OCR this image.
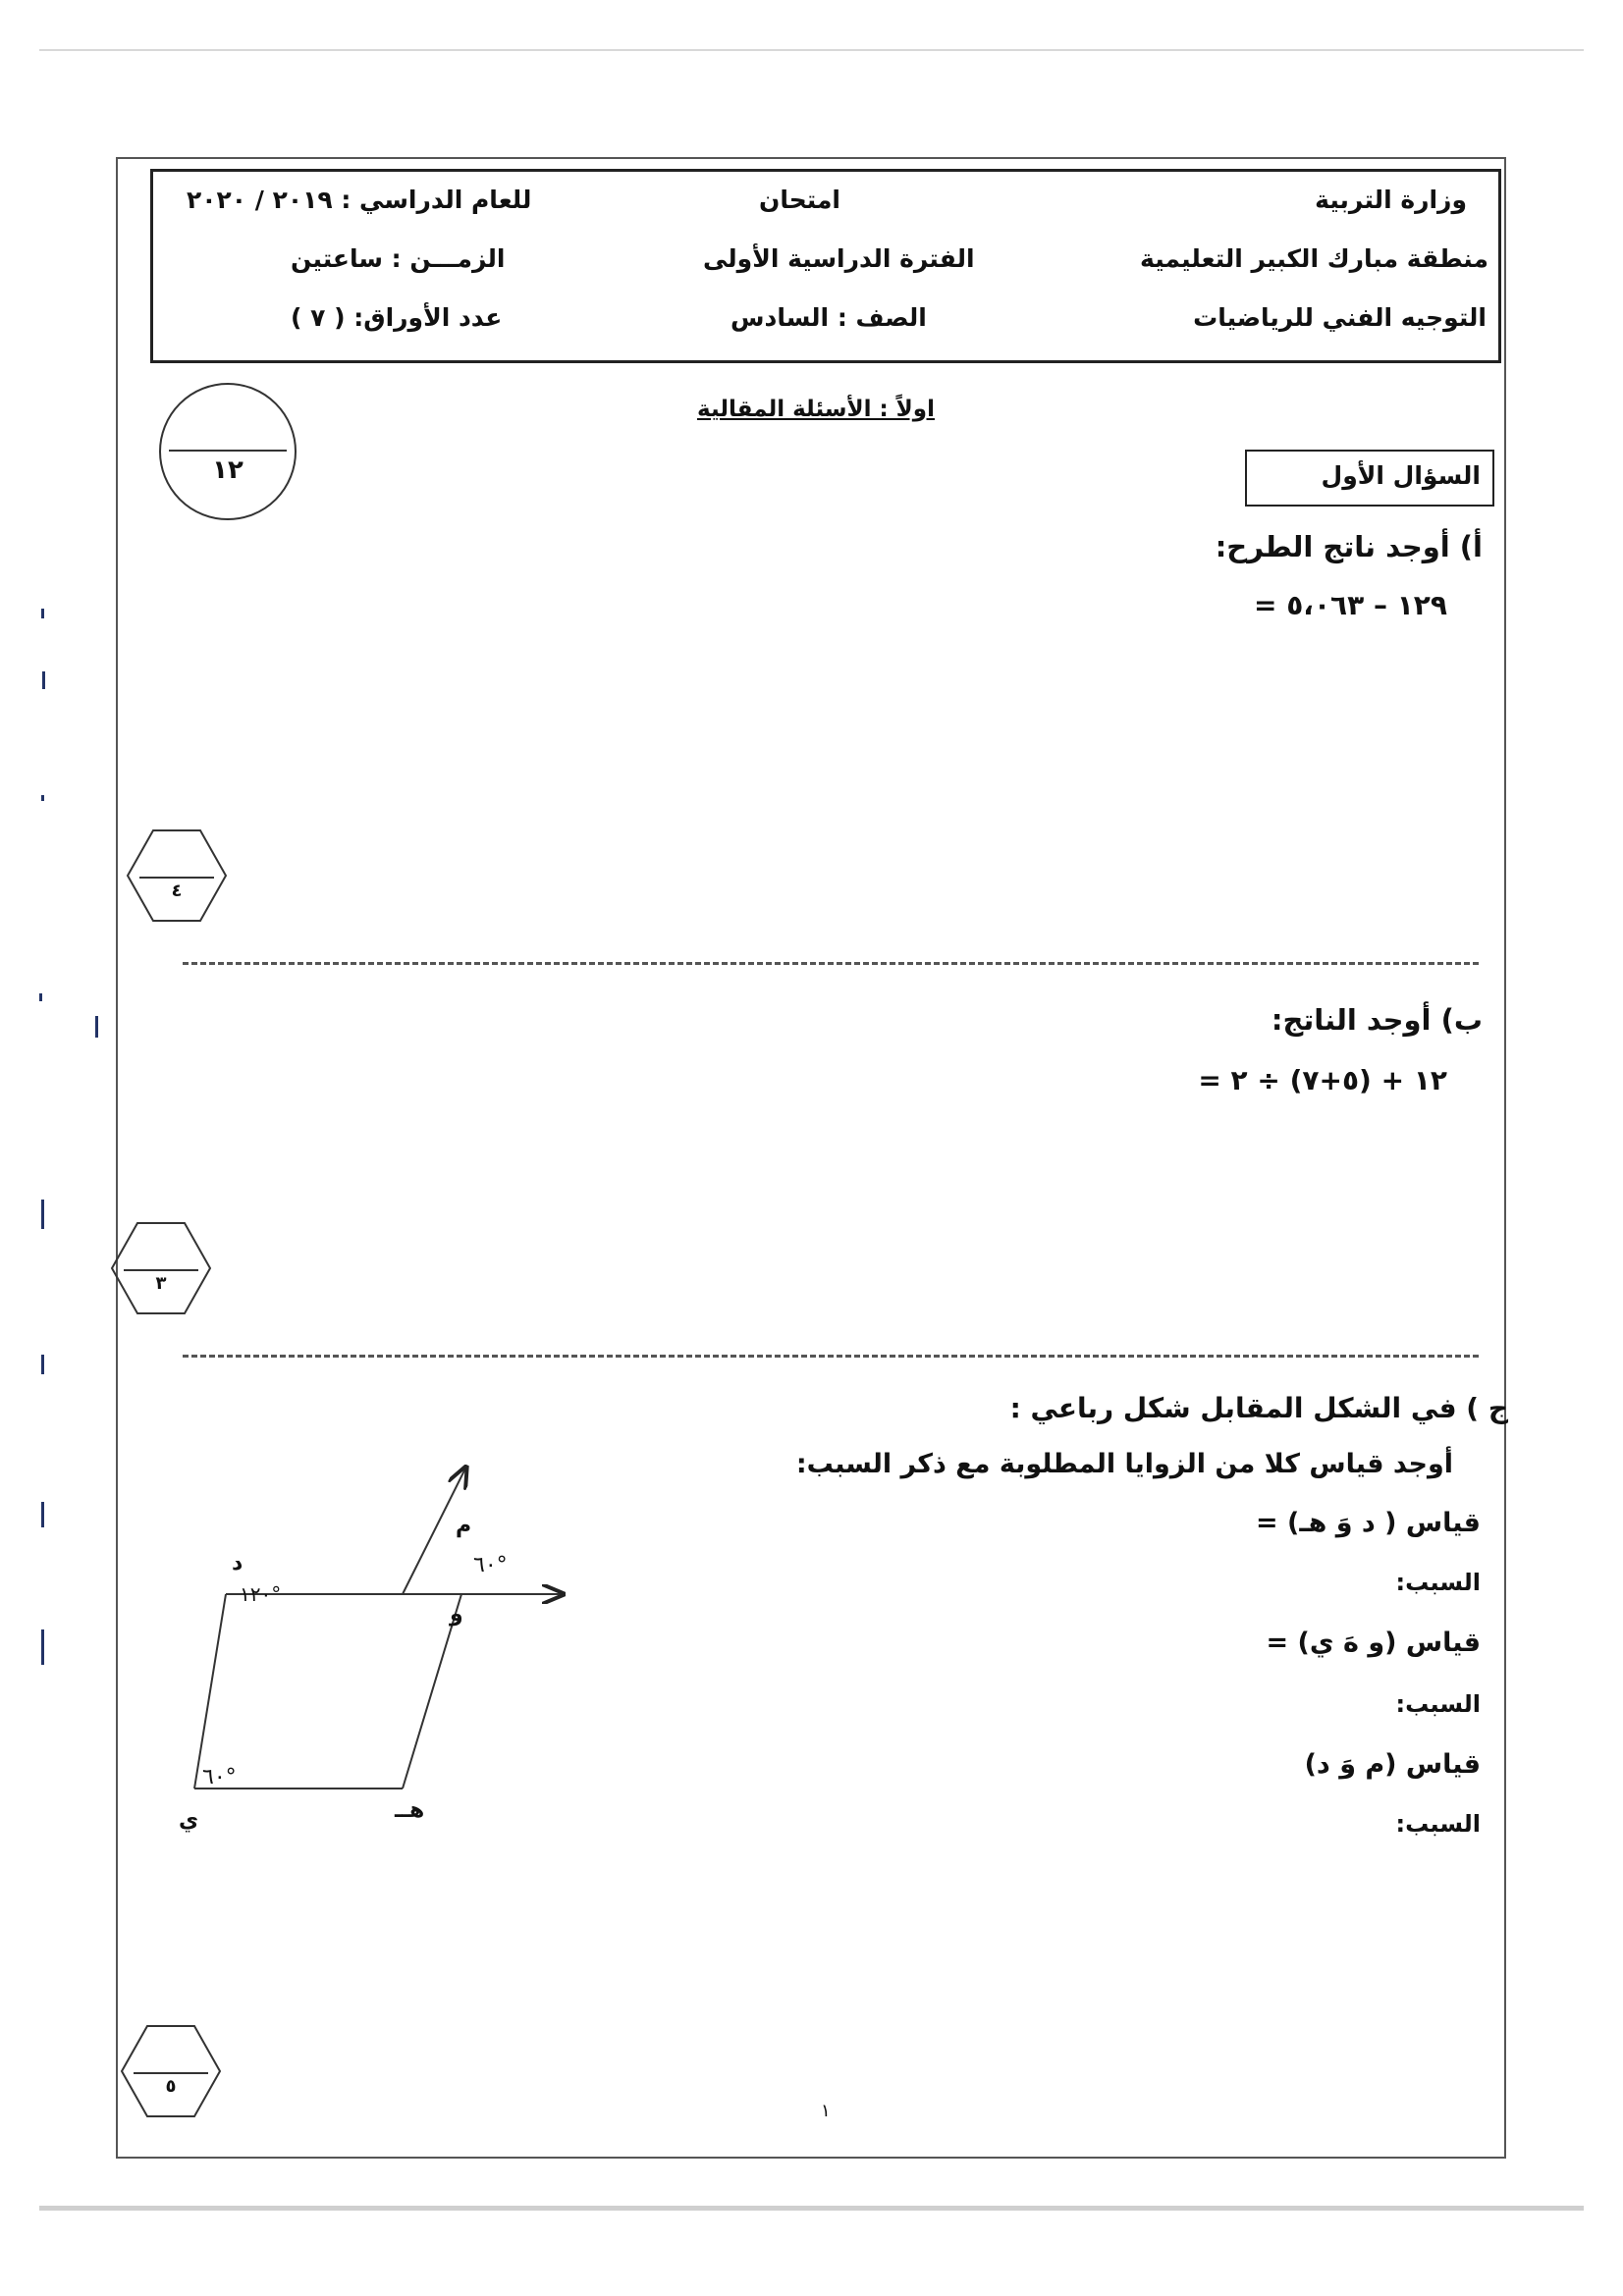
وزارة التربية
منطقة مبارك الكبير التعليمية
التوجيه الفني للرياضيات
امتحان
الفترة الدراسية الأولى
الصف : السادس
للعام الدراسي : ٢٠١٩ / ٢٠٢٠
الزمـــن : ساعتين
عدد الأوراق: ( ٧ )
اولاً : الأسئلة المقالية
١٢	السؤال الأول
أ) أوجد ناتج الطرح:
١٢٩ – ٥،٠٦٣ =
٤
ب) أوجد الناتج:
١٢ + (٥+٧) ÷ ٢ =
٣
ج ) في الشكل المقابل شكل رباعي :
أوجد قياس كلا من الزوايا المطلوبة مع ذكر السبب:
قياس ( د وَ هـ) =
السبب:
قياس (و هَ ي) =
السبب:
قياس (م وَ د)
السبب:
د
و
م
هــ
ي
١٢٠°
٦٠°
٦٠°
٥
١
